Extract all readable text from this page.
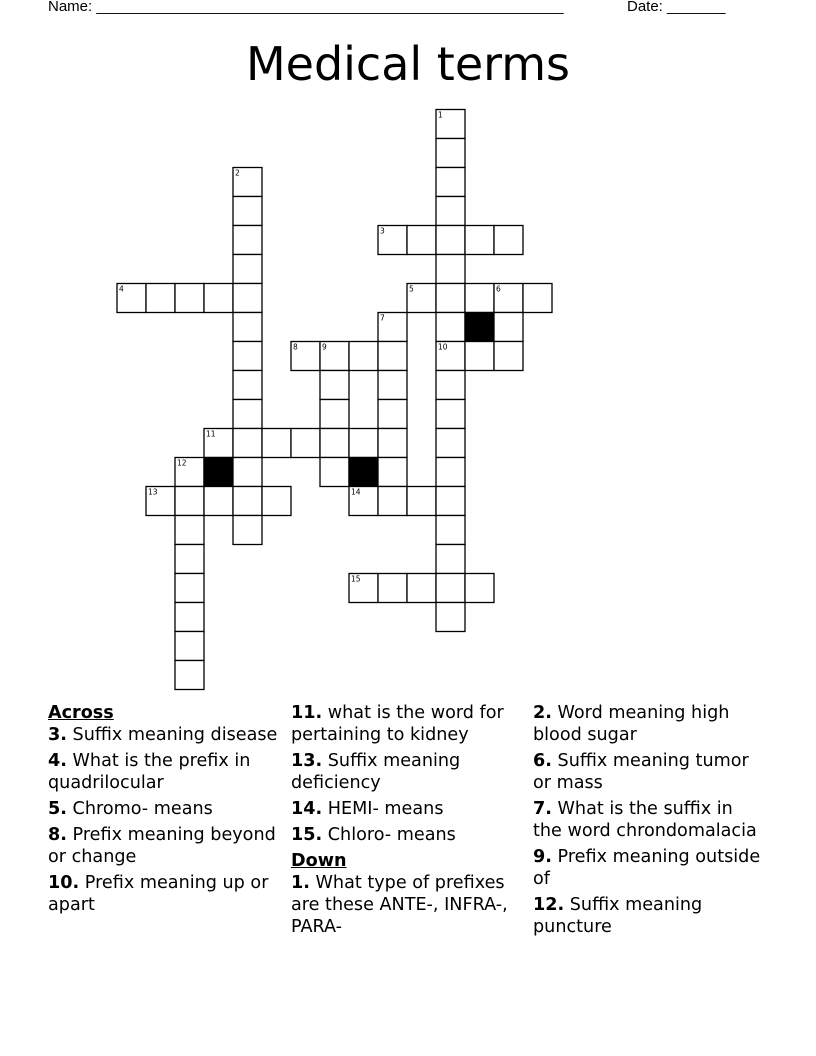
Name: ________________________________________________________	Date: _______
Medical terms
1
2
3
4	5	6
7
8	9	10
11
12
13	14
15
Across
3. Suffix meaning disease
4. What is the prefix in quadrilocular
5. Chromo- means
8. Prefix meaning beyond or change
10. Prefix meaning up or apart
11. what is the word for pertaining to kidney
13. Suffix meaning deficiency
14. HEMI- means
15. Chloro- means
Down
1. What type of prefixes are these ANTE-, INFRA-, PARA-
2. Word meaning high blood sugar
6. Suffix meaning tumor or mass
7. What is the suffix in the word chrondomalacia
9. Prefix meaning outside of
12. Suffix meaning puncture
